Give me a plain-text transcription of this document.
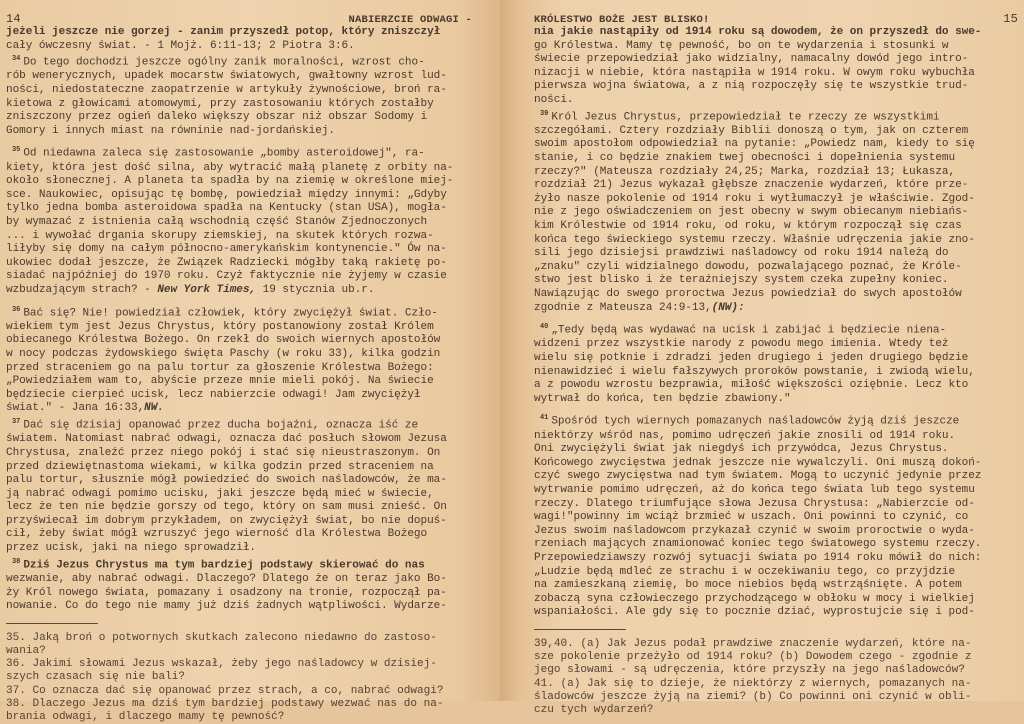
14	NABIERZCIE ODWAGI -
jeżeli jeszcze nie gorzej - zanim przyszedł potop, który zniszczył
cały ówczesny świat. - 1 Mojż. 6:11-13; 2 Piotra 3:6.
$^{34}$ Do tego dochodzi jeszcze ogólny zanik moralności, wzrost cho-
rób wenerycznych, upadek mocarstw światowych, gwałtowny wzrost lud-
ności, niedostateczne zaopatrzenie w artykuły żywnościowe, broń ra-
kietowa z głowicami atomowymi, przy zastosowaniu których zostałby
zniszczony przez ogień daleko większy obszar niż obszar Sodomy i
Gomory i innych miast na równinie nad-jordańskiej.
$^{35}$ Od niedawna zaleca się zastosowanie „bomby asteroidowej", ra-
kiety, która jest dość silna, aby wytracić małą planetę z orbity na-
około słonecznej. A planeta ta spadła by na ziemię w określone miej-
sce. Naukowiec, opisując tę bombę, powiedział między innymi: „Gdyby
tylko jedna bomba asteroidowa spadła na Kentucky (stan USA), mogła-
by wymazać z istnienia całą wschodnią część Stanów Zjednoczonych
... i wywołać drgania skorupy ziemskiej, na skutek których rozwa-
liłyby się domy na całym północno-amerykańskim kontynencie." Ów na-
ukowiec dodał jeszcze, że Związek Radziecki mógłby taką rakietę po-
siadać najpóźniej do 1970 roku. Czyż faktycznie nie żyjemy w czasie
wzbudzającym strach? - New York Times, 19 stycznia ub.r.
$^{36}$ Bać się? Nie! powiedział człowiek, który zwyciężył świat. Czło-
wiekiem tym jest Jezus Chrystus, który postanowiony został Królem
obiecanego Królestwa Bożego. On rzekł do swoich wiernych apostołów
w nocy podczas żydowskiego święta Paschy (w roku 33), kilka godzin
przed straceniem go na palu tortur za głoszenie Królestwa Bożego:
„Powiedziałem wam to, abyście przeze mnie mieli pokój. Na świecie
będziecie cierpieć ucisk, lecz nabierzcie odwagi! Jam zwyciężył
świat." - Jana 16:33,NW.
$^{37}$ Dać się dzisiaj opanować przez ducha bojaźni, oznacza iść ze
światem. Natomiast nabrać odwagi, oznacza dać posłuch słowom Jezusa
Chrystusa, znaleźć przez niego pokój i stać się nieustraszonym. On
przed dziewiętnastoma wiekami, w kilka godzin przed straceniem na
palu tortur, słusznie mógł powiedzieć do swoich naśladowców, że ma-
ją nabrać odwagi pomimo ucisku, jaki jeszcze będą mieć w świecie,
lecz że ten nie będzie gorszy od tego, który on sam musi znieść. On
przyświecał im dobrym przykładem, on zwyciężył świat, bo nie dopuś-
cił, żeby świat mógł wzruszyć jego wierność dla Królestwa Bożego
przez ucisk, jaki na niego sprowadził.
$^{38}$ Dziś Jezus Chrystus ma tym bardziej podstawy skierować do nas
wezwanie, aby nabrać odwagi. Dlaczego? Dlatego że on teraz jako Bo-
ży Król nowego świata, pomazany i osadzony na tronie, rozpoczął pa-
nowanie. Co do tego nie mamy już dziś żadnych wątpliwości. Wydarze-
35. Jaką broń o potwornych skutkach zalecono niedawno do zastoso-
wania?
36. Jakimi słowami Jezus wskazał, żeby jego naśladowcy w dzisiej-
szych czasach się nie bali?
37. Co oznacza dać się opanować przez strach, a co, nabrać odwagi?
38. Dlaczego Jezus ma dziś tym bardziej podstawy wezwać nas do na-
brania odwagi, i dlaczego mamy tę pewność?
KRÓLESTWO BOŻE JEST BLISKO!	15
nia jakie nastąpiły od 1914 roku są dowodem, że on przyszedł do swe-
go Królestwa. Mamy tę pewność, bo on te wydarzenia i stosunki w
świecie przepowiedział jako widzialny, namacalny dowód jego intro-
nizacji w niebie, która nastąpiła w 1914 roku. W owym roku wybuchła
pierwsza wojna światowa, a z nią rozpoczęły się te wszystkie trud-
ności.
$^{39}$ Król Jezus Chrystus, przepowiedział te rzeczy ze wszystkimi
szczegółami. Cztery rozdziały Biblii donoszą o tym, jak on czterem
swoim apostołom odpowiedział na pytanie: „Powiedz nam, kiedy to się
stanie, i co będzie znakiem twej obecności i dopełnienia systemu
rzeczy?" (Mateusza rozdziały 24,25; Marka, rozdział 13; Łukasza,
rozdział 21) Jezus wykazał głębsze znaczenie wydarzeń, które prze-
żyło nasze pokolenie od 1914 roku i wytłumaczył je właściwie. Zgod-
nie z jego oświadczeniem on jest obecny w swym obiecanym niebiańs-
kim Królestwie od 1914 roku, od roku, w którym rozpoczął się czas
końca tego świeckiego systemu rzeczy. Właśnie udręczenia jakie zno-
sili jego dzisiejsi prawdziwi naśladowcy od roku 1914 należą do
„znaku" czyli widzialnego dowodu, pozwalającego poznać, że Króle-
stwo jest blisko i że teraźniejszy system czeka zupełny koniec.
Nawiązując do swego proroctwa Jezus powiedział do swych apostołów
zgodnie z Mateusza 24:9-13,(NW):
$^{40}$ „Tedy będą was wydawać na ucisk i zabijać i będziecie niena-
widzeni przez wszystkie narody z powodu mego imienia. Wtedy też
wielu się potknie i zdradzi jeden drugiego i jeden drugiego będzie
nienawidzieć i wielu fałszywych proroków powstanie, i zwiodą wielu,
a z powodu wzrostu bezprawia, miłość większości oziębnie. Lecz kto
wytrwał do końca, ten będzie zbawiony."
$^{41}$ Spośród tych wiernych pomazanych naśladowców żyją dziś jeszcze
niektórzy wśród nas, pomimo udręczeń jakie znosili od 1914 roku.
Oni zwyciężyli świat jak niegdyś ich przywódca, Jezus Chrystus.
Końcowego zwycięstwa jednak jeszcze nie wywalczyli. Oni muszą dokoń-
czyć swego zwycięstwa nad tym światem. Mogą to uczynić jedynie przez
wytrwanie pomimo udręczeń, aż do końca tego świata lub tego systemu
rzeczy. Dlatego triumfujące słowa Jezusa Chrystusa: „Nabierzcie od-
wagi!"powinny im wciąż brzmieć w uszach. Oni powinni to czynić, co
Jezus swoim naśladowcom przykazał czynić w swoim proroctwie o wyda-
rzeniach mających znamionować koniec tego światowego systemu rzeczy.
Przepowiedziawszy rozwój sytuacji świata po 1914 roku mówił do nich:
„Ludzie będą mdleć ze strachu i w oczekiwaniu tego, co przyjdzie
na zamieszkaną ziemię, bo moce niebios będą wstrząśnięte. A potem
zobaczą syna człowieczego przychodzącego w obłoku w mocy i wielkiej
wspaniałości. Ale gdy się to pocznie dziać, wyprostujcie się i pod-
39,40. (a) Jak Jezus podał prawdziwe znaczenie wydarzeń, które na-
sze pokolenie przeżyło od 1914 roku? (b) Dowodem czego - zgodnie z
jego słowami - są udręczenia, które przyszły na jego naśladowców?
41. (a) Jak się to dzieje, że niektórzy z wiernych, pomazanych na-
śladowców jeszcze żyją na ziemi? (b) Co powinni oni czynić w obli-
czu tych wydarzeń?
